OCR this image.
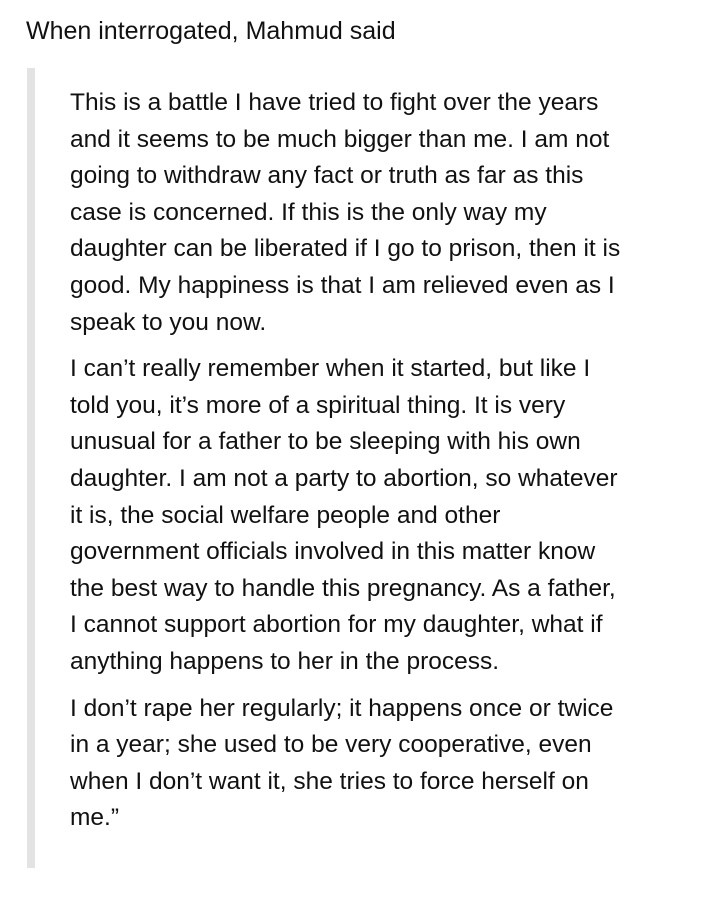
When interrogated, Mahmud said

This is a battle I have tried to fight over the years
and it seems to be much bigger than me. I am not
going to withdraw any fact or truth as far as this
case is concerned. If this is the only way my
daughter can be liberated if I go to prison, then it is
good. My happiness is that I am relieved even as I
speak to you now.

I can’t really remember when it started, but like I
told you, it’s more of a spiritual thing. It is very
unusual for a father to be sleeping with his own
daughter. I am not a party to abortion, so whatever
it is, the social welfare people and other
government officials involved in this matter know
the best way to handle this pregnancy. As a father,
I cannot support abortion for my daughter, what if
anything happens to her in the process.

I don’t rape her regularly; it happens once or twice
in a year; she used to be very cooperative, even
when I don’t want it, she tries to force herself on
me.”
